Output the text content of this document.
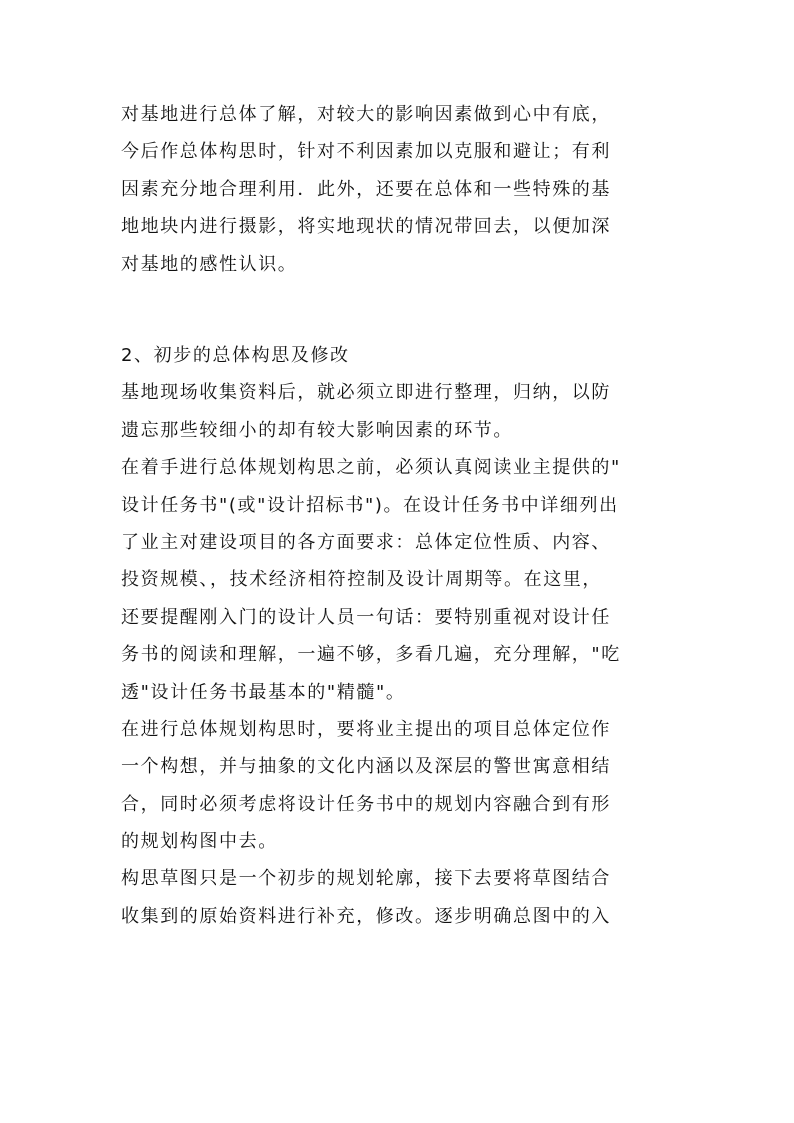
对基地进行总体了解，对较大的影响因素做到心中有底，
今后作总体构思时，针对不利因素加以克服和避让；有利
因素充分地合理利用．此外，还要在总体和一些特殊的基
地地块内进行摄影，将实地现状的情况带回去，以便加深
对基地的感性认识。
2、初步的总体构思及修改
基地现场收集资料后，就必须立即进行整理，归纳，以防
遗忘那些较细小的却有较大影响因素的环节。
在着手进行总体规划构思之前，必须认真阅读业主提供的"
设计任务书"(或"设计招标书")。在设计任务书中详细列出
了业主对建设项目的各方面要求：总体定位性质、内容、
投资规模、，技术经济相符控制及设计周期等。在这里，
还要提醒刚入门的设计人员一句话：要特别重视对设计任
务书的阅读和理解，一遍不够，多看几遍，充分理解，"吃
透"设计任务书最基本的"精髓"。
在进行总体规划构思时，要将业主提出的项目总体定位作
一个构想，并与抽象的文化内涵以及深层的警世寓意相结
合，同时必须考虑将设计任务书中的规划内容融合到有形
的规划构图中去。
构思草图只是一个初步的规划轮廓，接下去要将草图结合
收集到的原始资料进行补充，修改。逐步明确总图中的入
